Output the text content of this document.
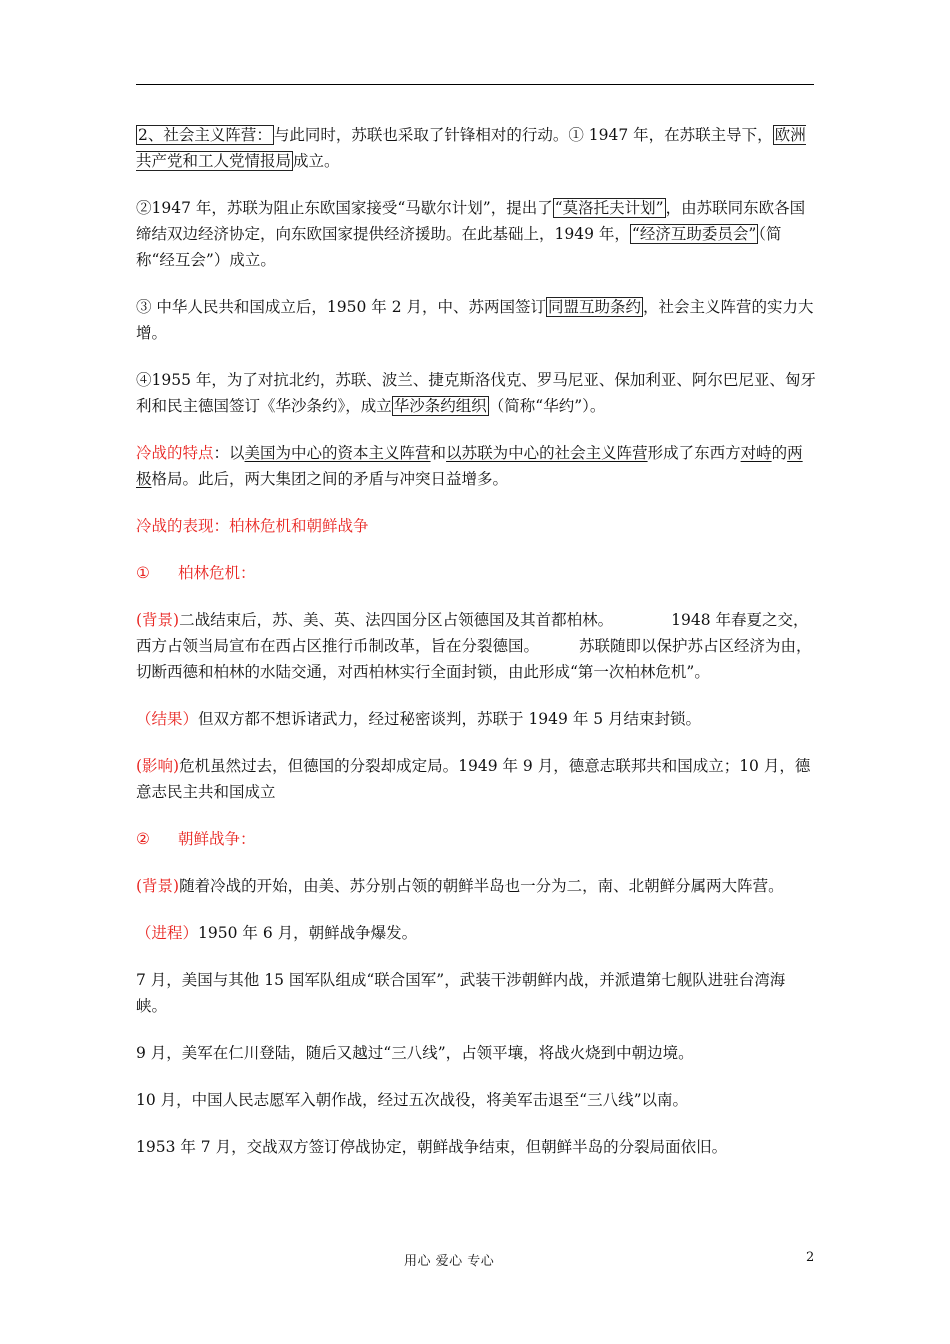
2、社会主义阵营： 与此同时，苏联也采取了针锋相对的行动。① 1947 年，在苏联主导下， 欧洲共产党和工人党情报局 成立。

②1947 年，苏联为阻止东欧国家接受“马歇尔计划”，提出了 “莫洛托夫计划” ，由苏联同东欧各国缔结双边经济协定，向东欧国家提供经济援助。在此基础上，1949 年， “经济互助委员会” （简称“经互会”）成立。

③ 中华人民共和国成立后，1950 年 2 月，中、苏两国签订 同盟互助条约 ，社会主义阵营的实力大增。

④1955 年，为了对抗北约，苏联、波兰、捷克斯洛伐克、罗马尼亚、保加利亚、阿尔巴尼亚、匈牙利和民主德国签订《华沙条约》，成立 华沙条约组织 （简称“华约”）。

冷战的特点：以美国为中心的资本主义阵营和以苏联为中心的社会主义阵营形成了东西方对峙的两极格局。此后，两大集团之间的矛盾与冲突日益增多。

冷战的表现：柏林危机和朝鲜战争

① 柏林危机：

(背景)二战结束后，苏、美、英、法四国分区占领德国及其首都柏林。	1948 年春夏之交，西方占领当局宣布在西占区推行币制改革，旨在分裂德国。	苏联随即以保护苏占区经济为由，切断西德和柏林的水陆交通，对西柏林实行全面封锁，由此形成“第一次柏林危机”。

（结果）但双方都不想诉诸武力，经过秘密谈判，苏联于 1949 年 5 月结束封锁。

(影响)危机虽然过去，但德国的分裂却成定局。1949 年 9 月，德意志联邦共和国成立；10 月，德意志民主共和国成立

② 朝鲜战争：

(背景)随着冷战的开始，由美、苏分别占领的朝鲜半岛也一分为二，南、北朝鲜分属两大阵营。

（进程）1950 年 6 月，朝鲜战争爆发。

7 月，美国与其他 15 国军队组成“联合国军”，武装干涉朝鲜内战，并派遣第七舰队进驻台湾海峡。

9 月，美军在仁川登陆，随后又越过“三八线”，占领平壤，将战火烧到中朝边境。

10 月，中国人民志愿军入朝作战，经过五次战役，将美军击退至“三八线”以南。

1953 年 7 月，交战双方签订停战协定，朝鲜战争结束，但朝鲜半岛的分裂局面依旧。

用心 爱心 专心	2
